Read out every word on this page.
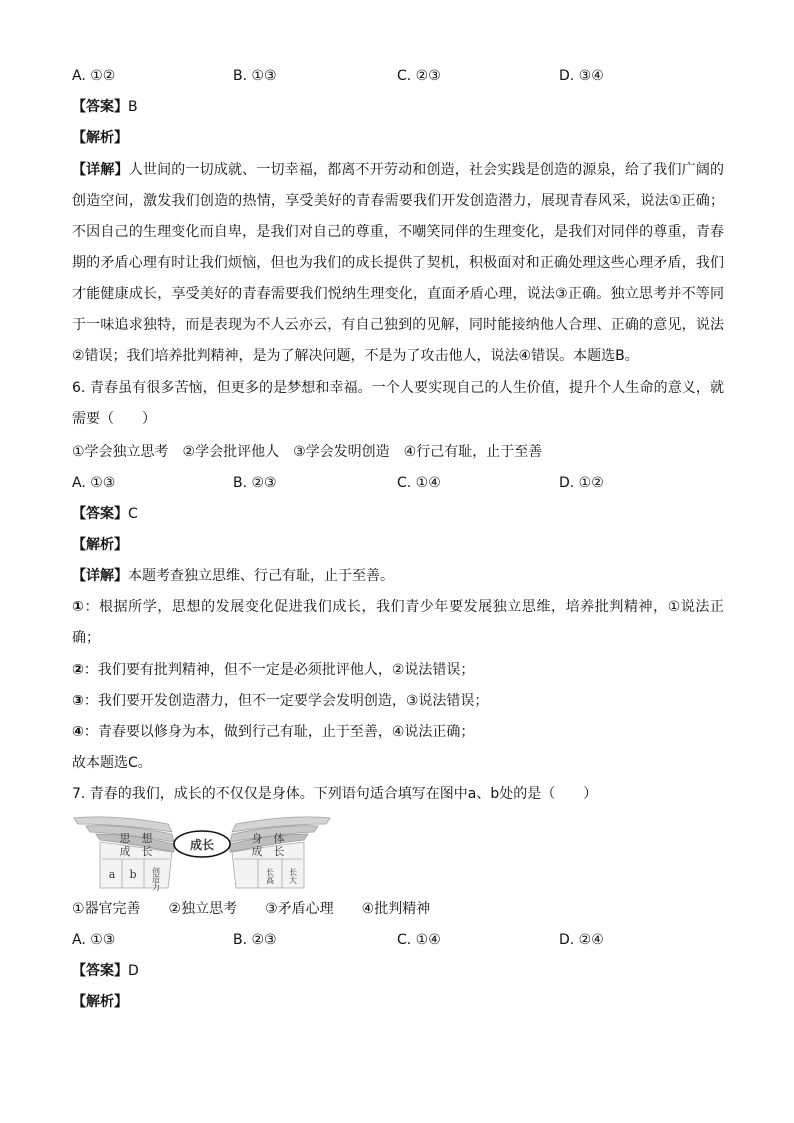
A. ①②	B. ①③	C. ②③	D. ③④
【答案】B
【解析】
【详解】人世间的一切成就、一切幸福，都离不开劳动和创造，社会实践是创造的源泉，给了我们广阔的创造空间，激发我们创造的热情，享受美好的青春需要我们开发创造潜力，展现青春风采，说法①正确；不因自己的生理变化而自卑，是我们对自己的尊重，不嘲笑同伴的生理变化，是我们对同伴的尊重，青春期的矛盾心理有时让我们烦恼，但也为我们的成长提供了契机，积极面对和正确处理这些心理矛盾，我们才能健康成长，享受美好的青春需要我们悦纳生理变化，直面矛盾心理，说法③正确。独立思考并不等同于一味追求独特，而是表现为不人云亦云，有自己独到的见解，同时能接纳他人合理、正确的意见，说法②错误；我们培养批判精神，是为了解决问题，不是为了攻击他人，说法④错误。本题选B。
6. 青春虽有很多苦恼，但更多的是梦想和幸福。一个人要实现自己的人生价值，提升个人生命的意义，就需要（　　）
①学会独立思考　②学会批评他人　③学会发明创造　④行己有耻，止于至善
A. ①③	B. ②③	C. ①④	D. ①②
【答案】C
【解析】
【详解】本题考查独立思维、行己有耻，止于至善。
①：根据所学，思想的发展变化促进我们成长，我们青少年要发展独立思维，培养批判精神，①说法正确；
②：我们要有批判精神，但不一定是必须批评他人，②说法错误；
③：我们要开发创造潜力，但不一定要学会发明创造，③说法错误；
④：青春要以修身为本，做到行己有耻，止于至善，④说法正确；
故本题选C。
7. 青春的我们，成长的不仅仅是身体。下列语句适合填写在图中a、b处的是（　　）
思　想
成　长	成长	身　体
成　长
a b 创造力	长高 长大
①器官完善　　②独立思考　　③矛盾心理　　④批判精神
A. ①③	B. ②③	C. ①④	D. ②④
【答案】D
【解析】
